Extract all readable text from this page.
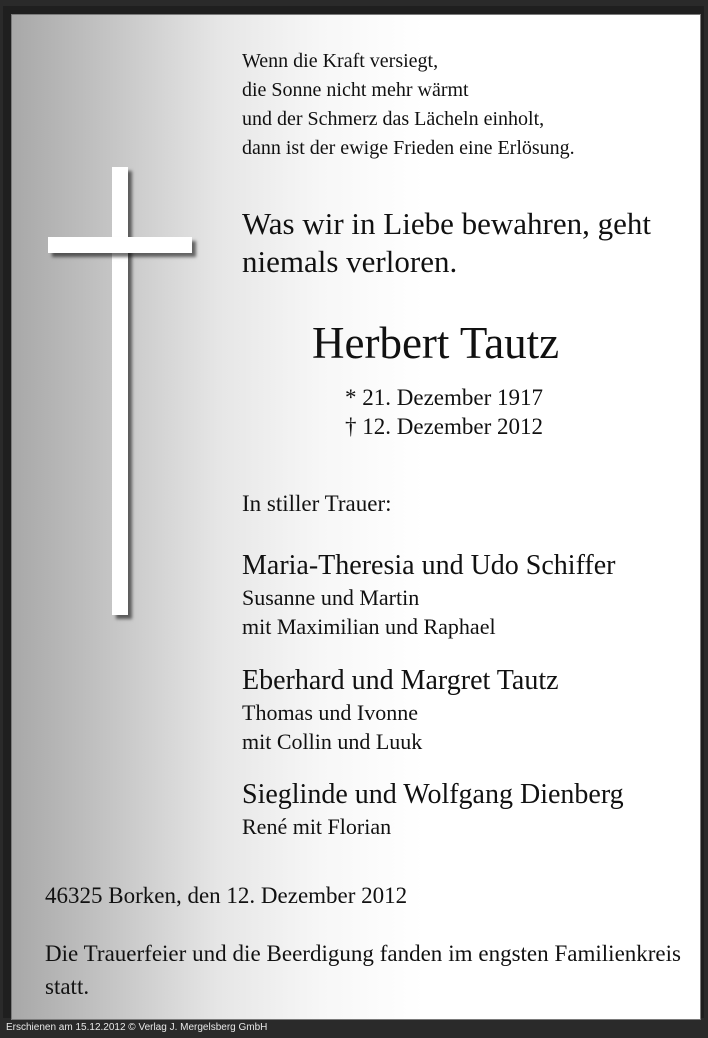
Wenn die Kraft versiegt,
die Sonne nicht mehr wärmt
und der Schmerz das Lächeln einholt,
dann ist der ewige Frieden eine Erlösung.
Was wir in Liebe bewahren, geht
niemals verloren.
Herbert Tautz
* 21. Dezember 1917
† 12. Dezember 2012
In stiller Trauer:
Maria-Theresia und Udo Schiffer
Susanne und Martin
mit Maximilian und Raphael
Eberhard und Margret Tautz
Thomas und Ivonne
mit Collin und Luuk
Sieglinde und Wolfgang Dienberg
René mit Florian
46325 Borken, den 12. Dezember 2012
Die Trauerfeier und die Beerdigung fanden im engsten Familienkreis statt.
Erschienen am 15.12.2012 © Verlag J. Mergelsberg GmbH
